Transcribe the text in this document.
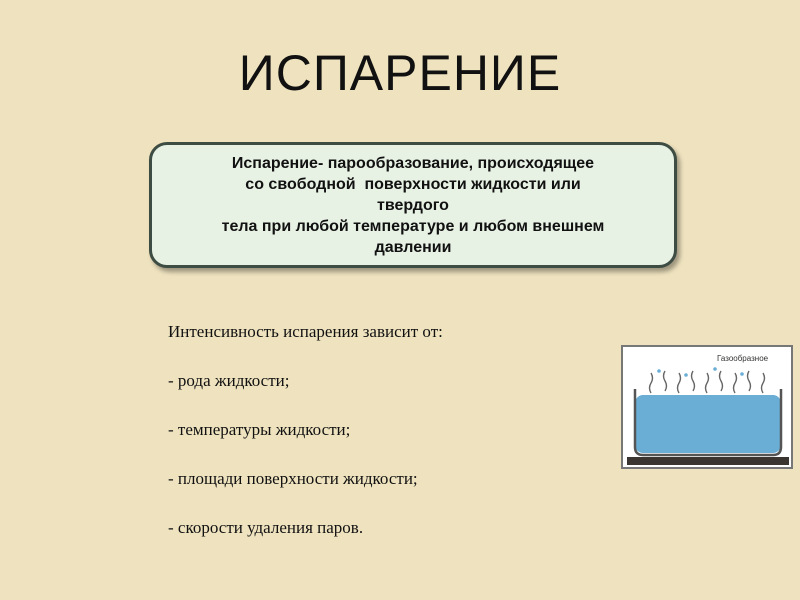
ИСПАРЕНИЕ
Испарение- парообразование, происходящее
со свободной  поверхности жидкости или
твердого
тела при любой температуре и любом внешнем
давлении
Интенсивность испарения зависит от:
- рода жидкости;
- температуры жидкости;
- площади поверхности жидкости;
- скорости удаления паров.
Газообразное
